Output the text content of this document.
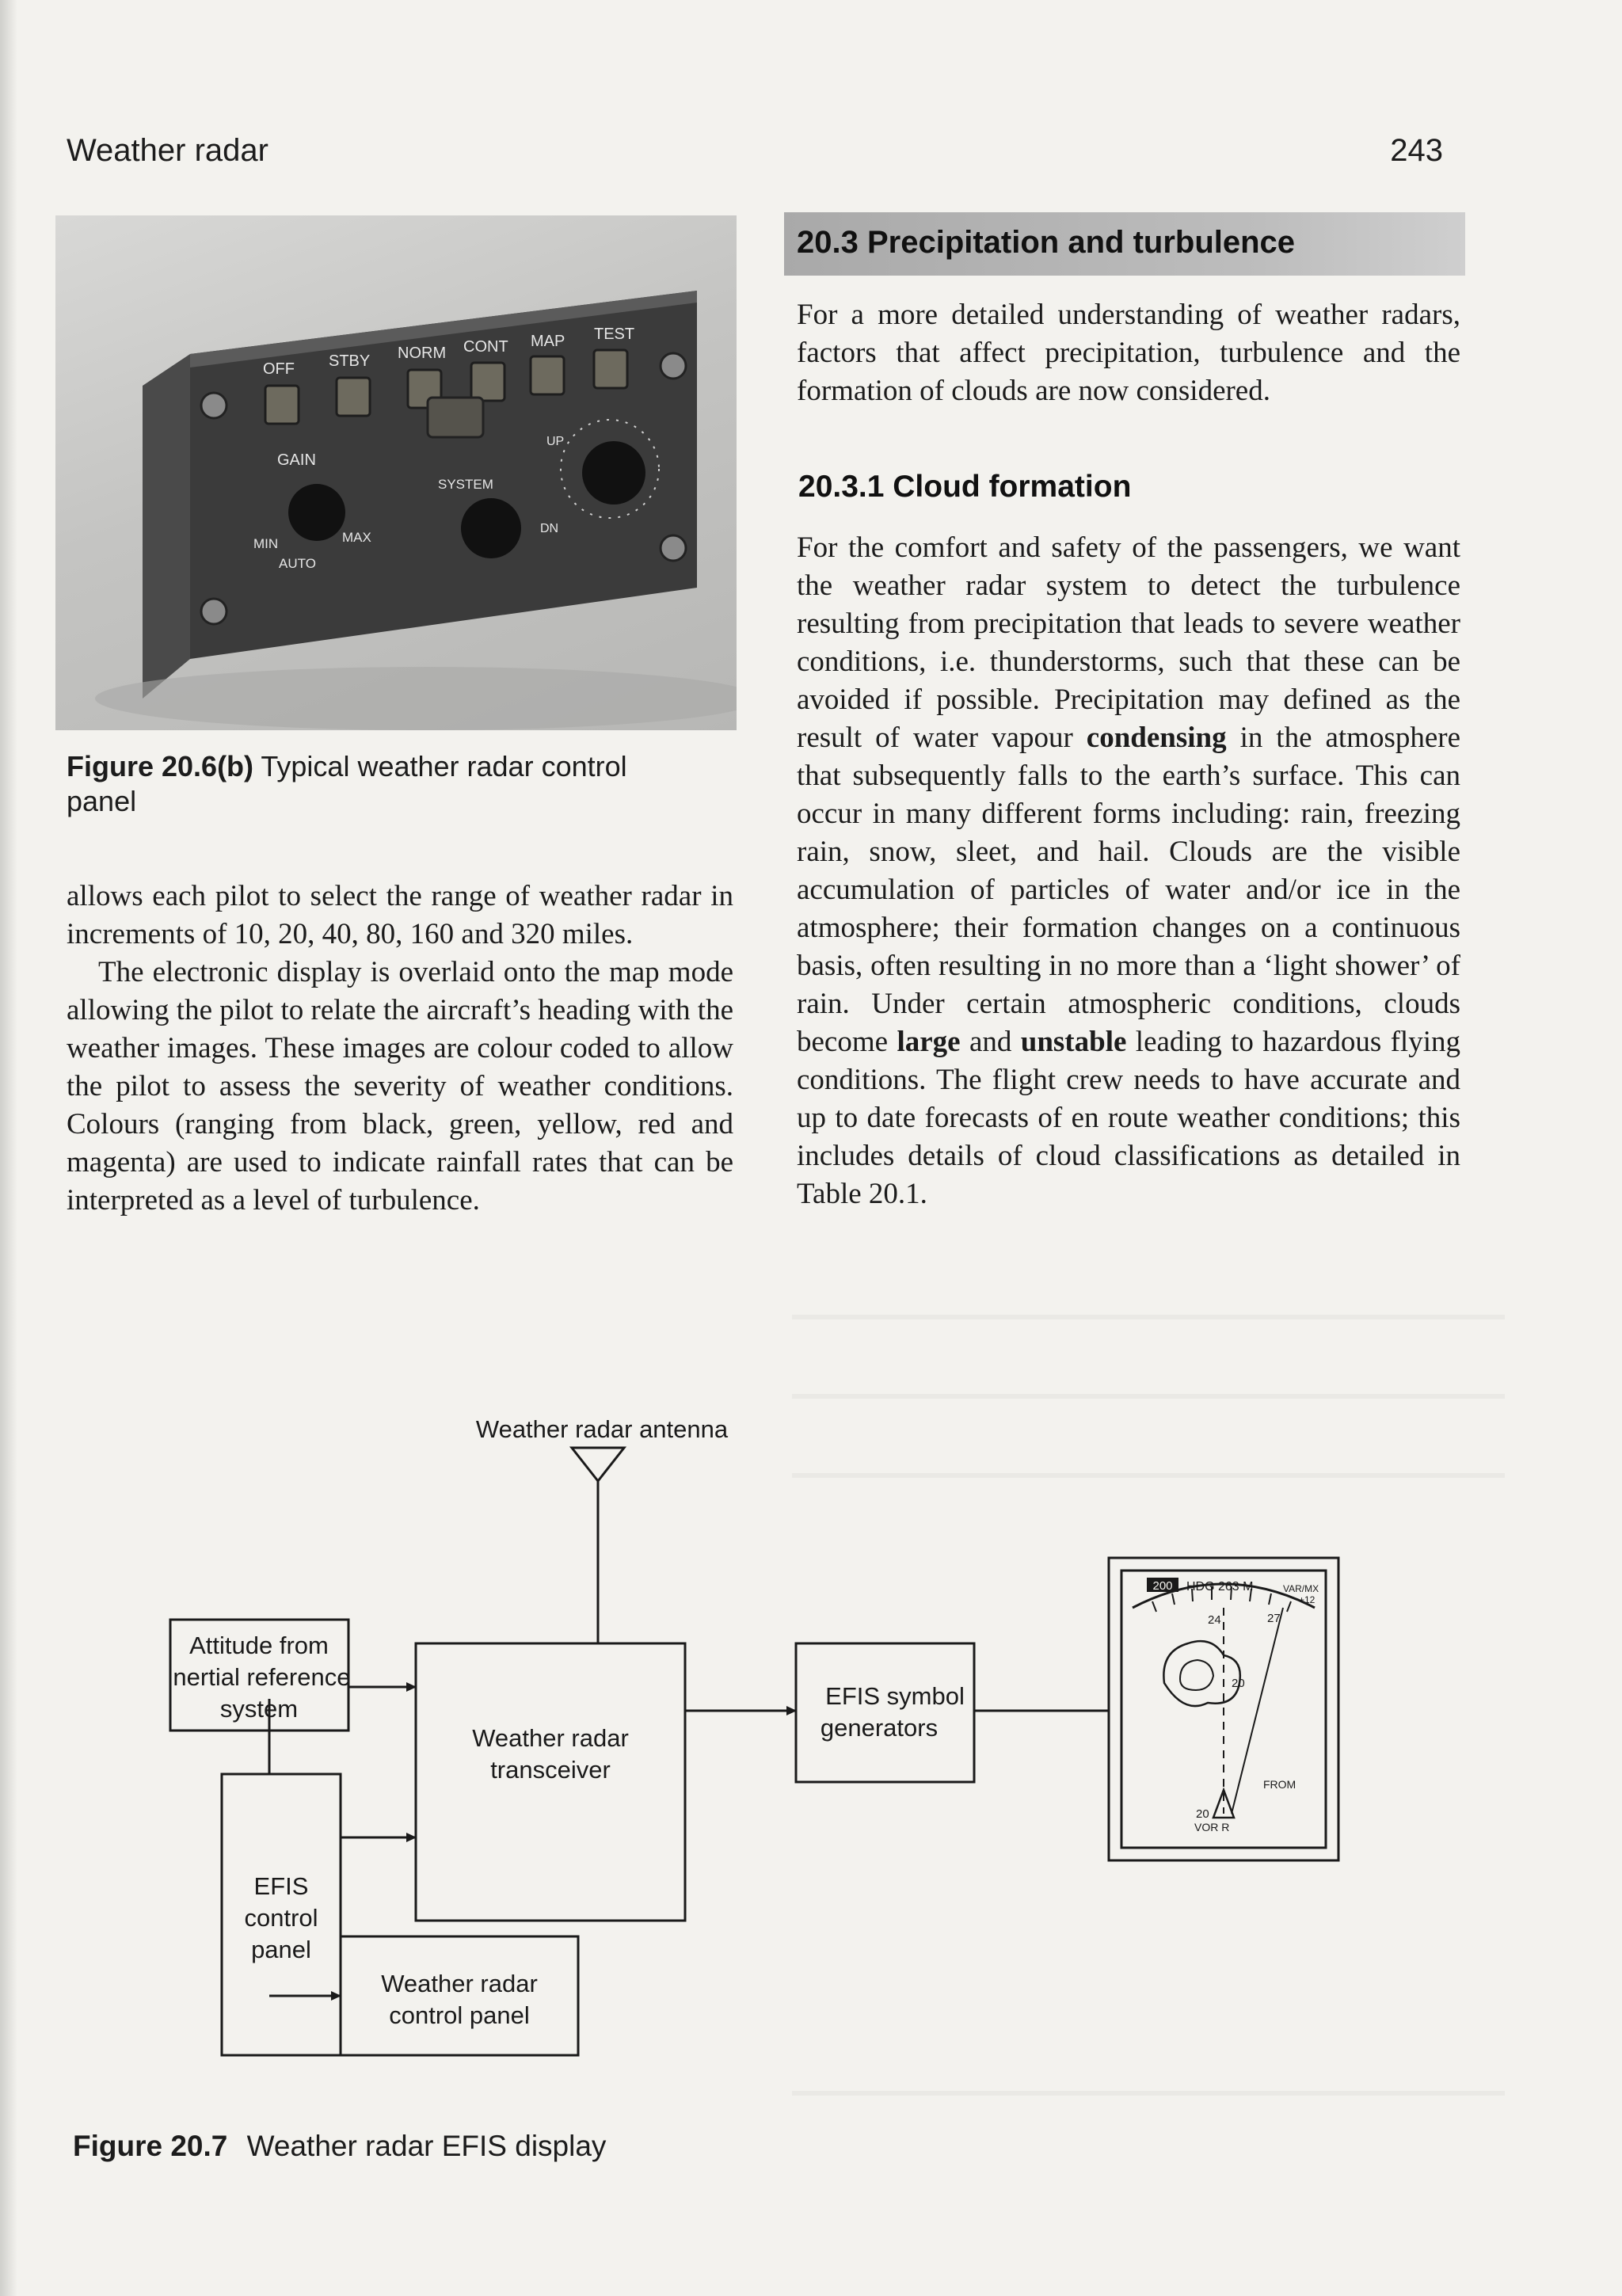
Weather radar	243
OFF STBY NORM CONT MAP TEST
GAIN
MIN	MAX
AUTO
SYSTEM
UP
DN
Figure 20.6(b) Typical weather radar control
panel

allows each pilot to select the range of weather radar in increments of 10, 20, 40, 80, 160 and 320 miles.

The electronic display is overlaid onto the map mode allowing the pilot to relate the aircraft’s heading with the weather images. These images are colour coded to allow the pilot to assess the severity of weather conditions. Colours (ranging from black, green, yellow, red and magenta) are used to indicate rainfall rates that can be interpreted as a level of turbulence.

20.3 Precipitation and turbulence

For a more detailed understanding of weather radars, factors that affect precipitation, turbulence and the formation of clouds are now considered.

20.3.1 Cloud formation

For the comfort and safety of the passengers, we want the weather radar system to detect the turbulence resulting from precipitation that leads to severe weather conditions, i.e. thunderstorms, such that these can be avoided if possible. Precipitation may defined as the result of water vapour condensing in the atmosphere that subsequently falls to the earth’s surface. This can occur in many different forms including: rain, freezing rain, snow, sleet, and hail. Clouds are the visible accumulation of particles of water and/or ice in the atmosphere; their formation changes on a continuous basis, often resulting in no more than a ‘light shower’ of rain. Under certain atmospheric conditions, clouds become large and unstable leading to hazardous flying conditions. The flight crew needs to have accurate and up to date forecasts of en route weather conditions; this includes details of cloud classifications as detailed in Table 20.1.

Weather radar antenna
Attitude from
inertial reference
system
Weather radar
transceiver
EFIS symbol
generators
EFIS
control
panel
Weather radar
control panel
200 HDG 263 M	VAR/MX
+12
24	27
20
FROM
20
VOR R
Figure 20.7 Weather radar EFIS display
